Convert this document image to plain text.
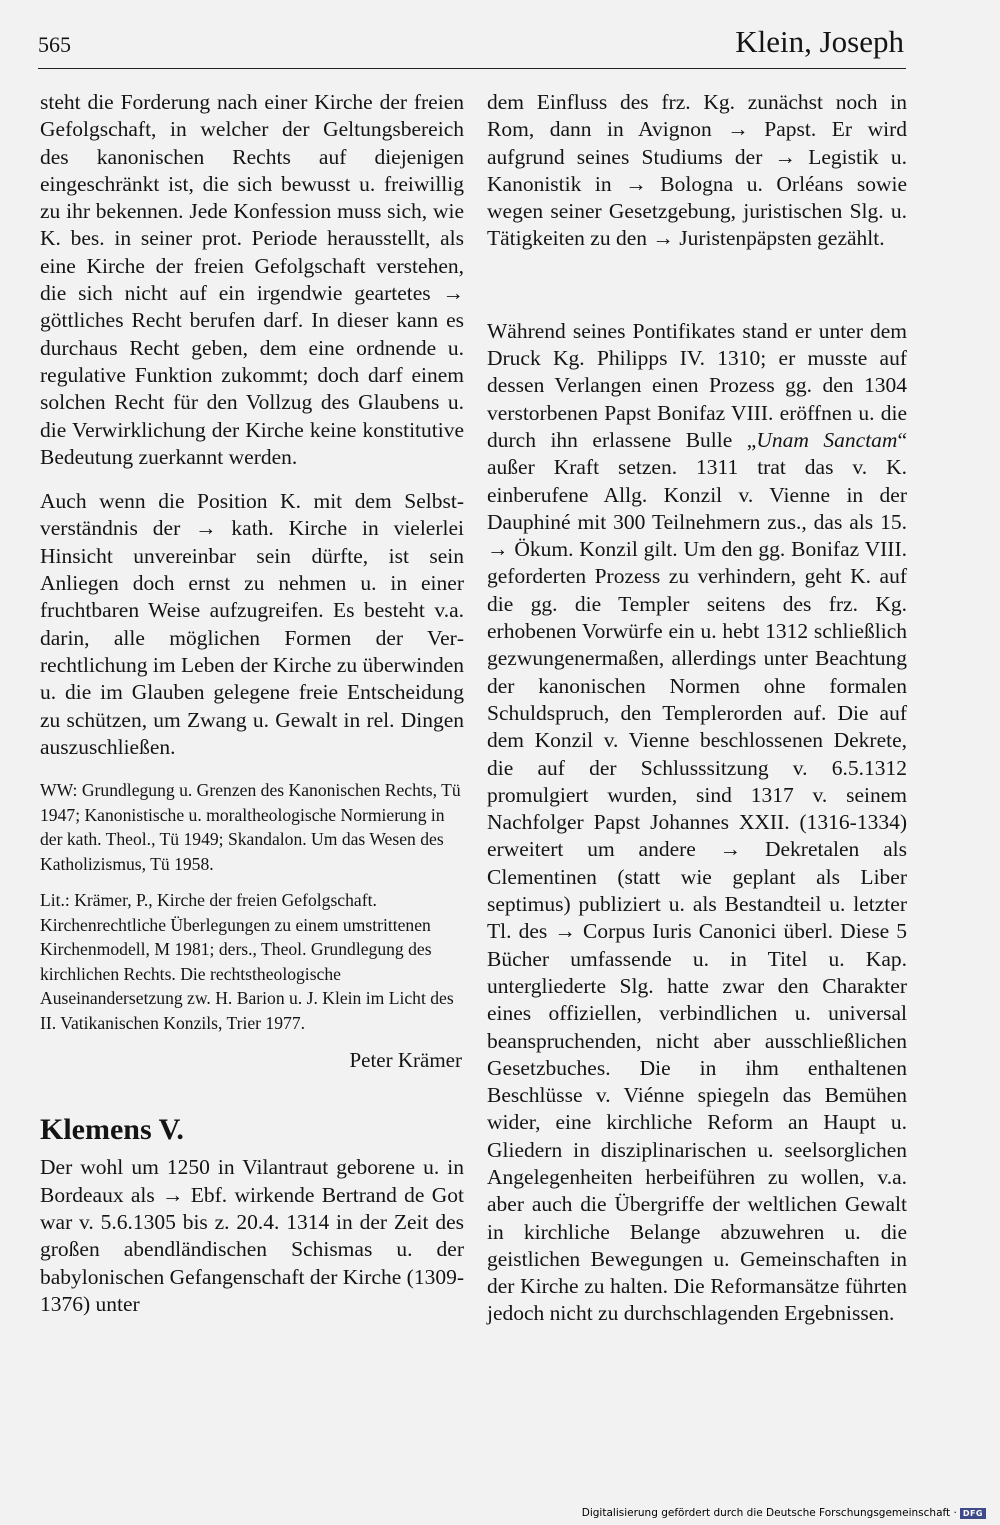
565	Klein, Joseph

steht die Forderung nach einer Kirche der freien Gefolgschaft, in welcher der Geltungsbereich des kanonischen Rechts auf diejenigen eingeschränkt ist, die sich bewusst u. freiwillig zu ihr bekennen. Jede Konfession muss sich, wie K. bes. in seiner prot. Periode herausstellt, als eine Kirche der freien Gefolgschaft verstehen, die sich nicht auf ein irgendwie geartetes → göttliches Recht berufen darf. In dieser kann es durchaus Recht geben, dem eine ordnende u. regulative Funktion zukommt; doch darf einem solchen Recht für den Vollzug des Glaubens u. die Verwirklichung der Kirche keine konstitutive Bedeutung zuerkannt werden.

Auch wenn die Position K. mit dem Selbstverständnis der → kath. Kirche in vielerlei Hinsicht unvereinbar sein dürfte, ist sein Anliegen doch ernst zu nehmen u. in einer fruchtbaren Weise aufzugreifen. Es besteht v.a. darin, alle möglichen Formen der Verrechtlichung im Leben der Kirche zu überwinden u. die im Glauben gelegene freie Entscheidung zu schützen, um Zwang u. Gewalt in rel. Dingen auszuschließen.

WW: Grundlegung u. Grenzen des Kanonischen Rechts, Tü 1947; Kanonistische u. moraltheologische Normierung in der kath. Theol., Tü 1949; Skandalon. Um das Wesen des Katholizismus, Tü 1958.

Lit.: Krämer, P., Kirche der freien Gefolgschaft. Kirchenrechtliche Überlegungen zu einem umstrittenen Kirchenmodell, M 1981; ders., Theol. Grundlegung des kirchlichen Rechts. Die rechtstheologische Auseinandersetzung zw. H. Barion u. J. Klein im Licht des II. Vatikanischen Konzils, Trier 1977.

Peter Krämer
Klemens V.

Der wohl um 1250 in Vilantraut geborene u. in Bordeaux als → Ebf. wirkende Bertrand de Got war v. 5.6.1305 bis z. 20.4. 1314 in der Zeit des großen abendländischen Schismas u. der babylonischen Gefangenschaft der Kirche (1309-1376) unter

dem Einfluss des frz. Kg. zunächst noch in Rom, dann in Avignon → Papst. Er wird aufgrund seines Studiums der → Legistik u. Kanonistik in → Bologna u. Orléans sowie wegen seiner Gesetzgebung, juristischen Slg. u. Tätigkeiten zu den → Juristenpäpsten gezählt.

Während seines Pontifikates stand er unter dem Druck Kg. Philipps IV. 1310; er musste auf dessen Verlangen einen Prozess gg. den 1304 verstorbenen Papst Bonifaz VIII. eröffnen u. die durch ihn erlassene Bulle „Unam Sanctam“ außer Kraft setzen. 1311 trat das v. K. einberufene Allg. Konzil v. Vienne in der Dauphiné mit 300 Teilnehmern zus., das als 15. → Ökum. Konzil gilt. Um den gg. Bonifaz VIII. geforderten Prozess zu verhindern, geht K. auf die gg. die Templer seitens des frz. Kg. erhobenen Vorwürfe ein u. hebt 1312 schließlich gezwungenermaßen, allerdings unter Beachtung der kanonischen Normen ohne formalen Schuldspruch, den Templerorden auf. Die auf dem Konzil v. Vienne beschlossenen Dekrete, die auf der Schlusssitzung v. 6.5.1312 promulgiert wurden, sind 1317 v. seinem Nachfolger Papst Johannes XXII. (1316-1334) erweitert um andere → Dekretalen als Clementinen (statt wie geplant als Liber septimus) publiziert u. als Bestandteil u. letzter Tl. des → Corpus Iuris Canonici überl. Diese 5 Bücher umfassende u. in Titel u. Kap. untergliederte Slg. hatte zwar den Charakter eines offiziellen, verbindlichen u. universal beanspruchenden, nicht aber ausschließlichen Gesetzbuches. Die in ihm enthaltenen Beschlüsse v. Viénne spiegeln das Bemühen wider, eine kirchliche Reform an Haupt u. Gliedern in disziplinarischen u. seelsorglichen Angelegenheiten herbeiführen zu wollen, v.a. aber auch die Übergriffe der weltlichen Gewalt in kirchliche Belange abzuwehren u. die geistlichen Bewegungen u. Gemeinschaften in der Kirche zu halten. Die Reformansätze führten jedoch nicht zu durchschlagenden Ergebnissen.

Digitalisierung gefördert durch die Deutsche Forschungsgemeinschaft · DFG
